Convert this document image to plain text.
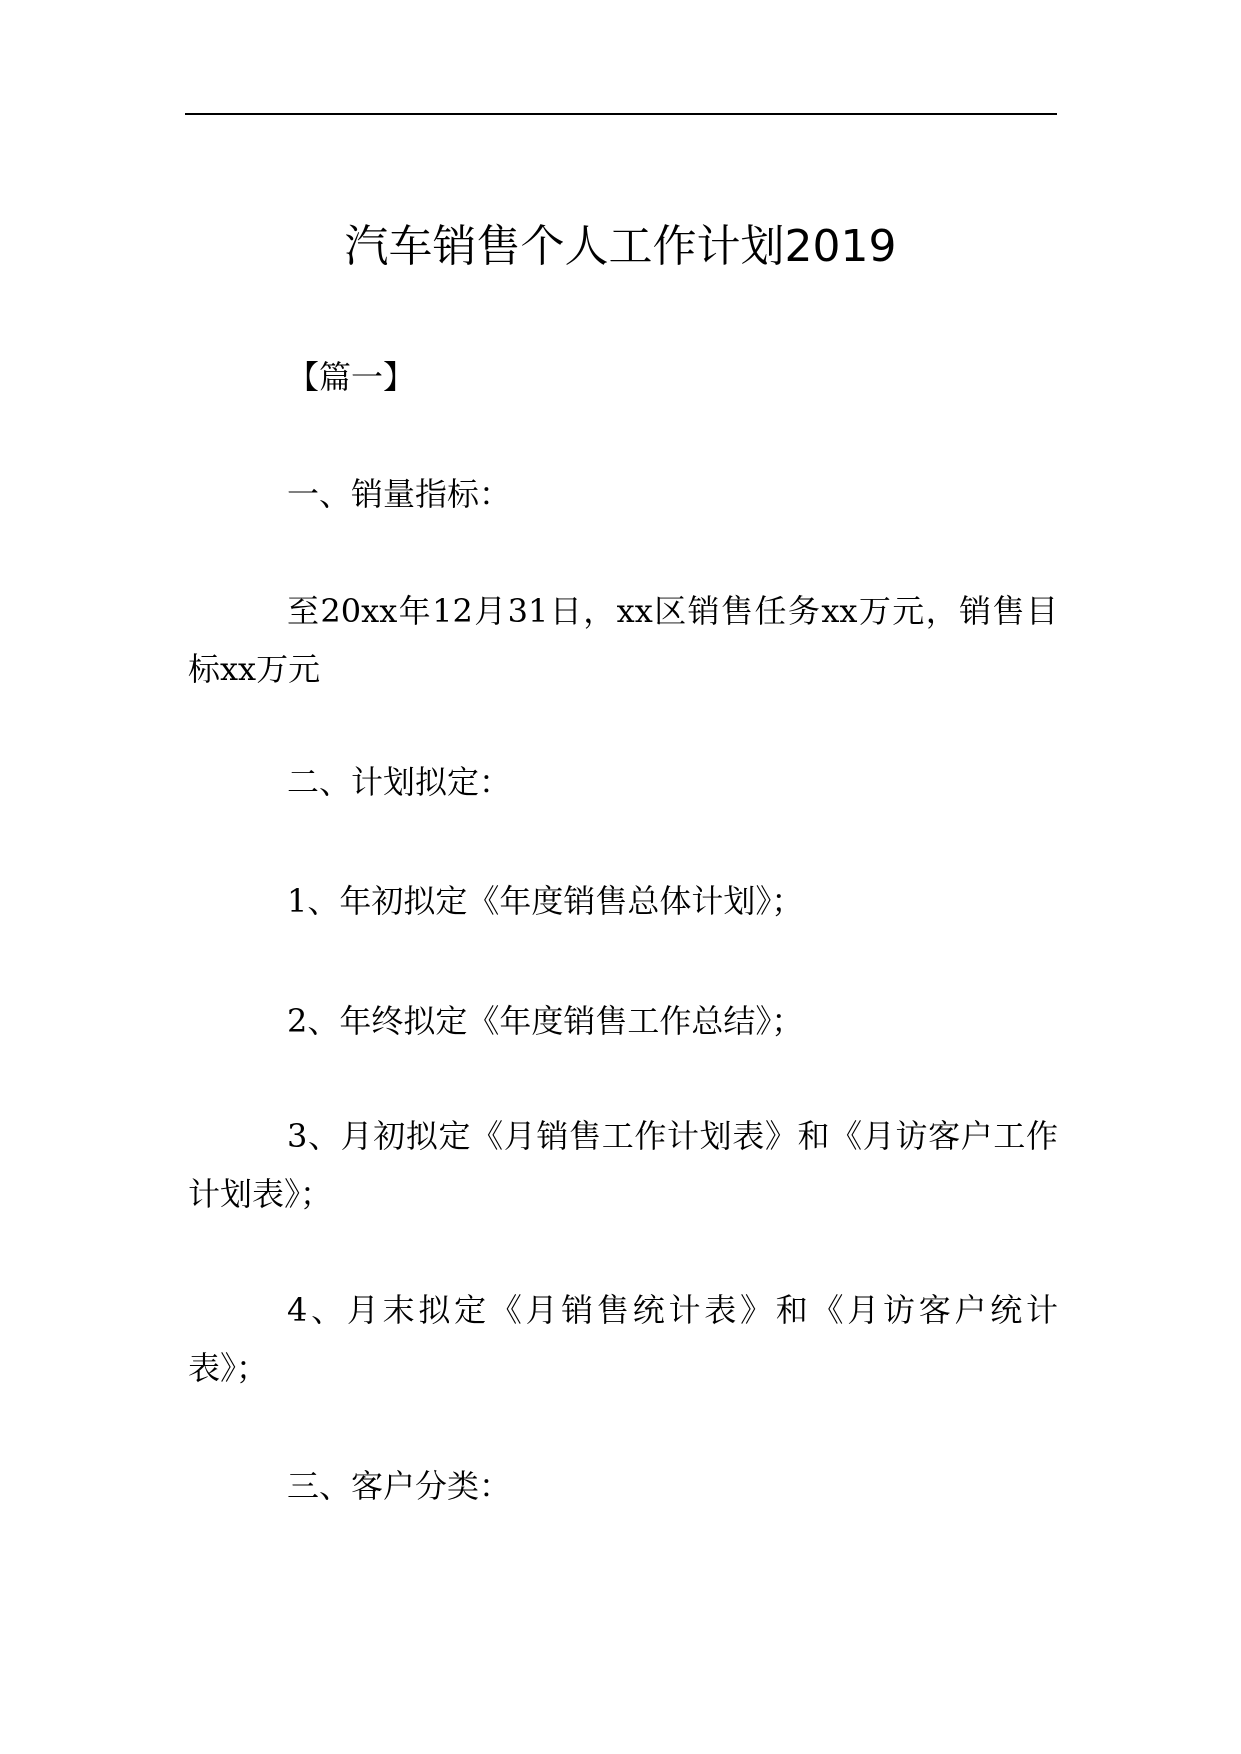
汽车销售个人工作计划2019

【篇一】

一、销量指标：

至20xx年12月31日，xx区销售任务xx万元，销售目标xx万元

二、计划拟定：

1、年初拟定《年度销售总体计划》；

2、年终拟定《年度销售工作总结》；

3、月初拟定《月销售工作计划表》和《月访客户工作计划表》；

4、月末拟定《月销售统计表》和《月访客户统计表》；

三、客户分类：
